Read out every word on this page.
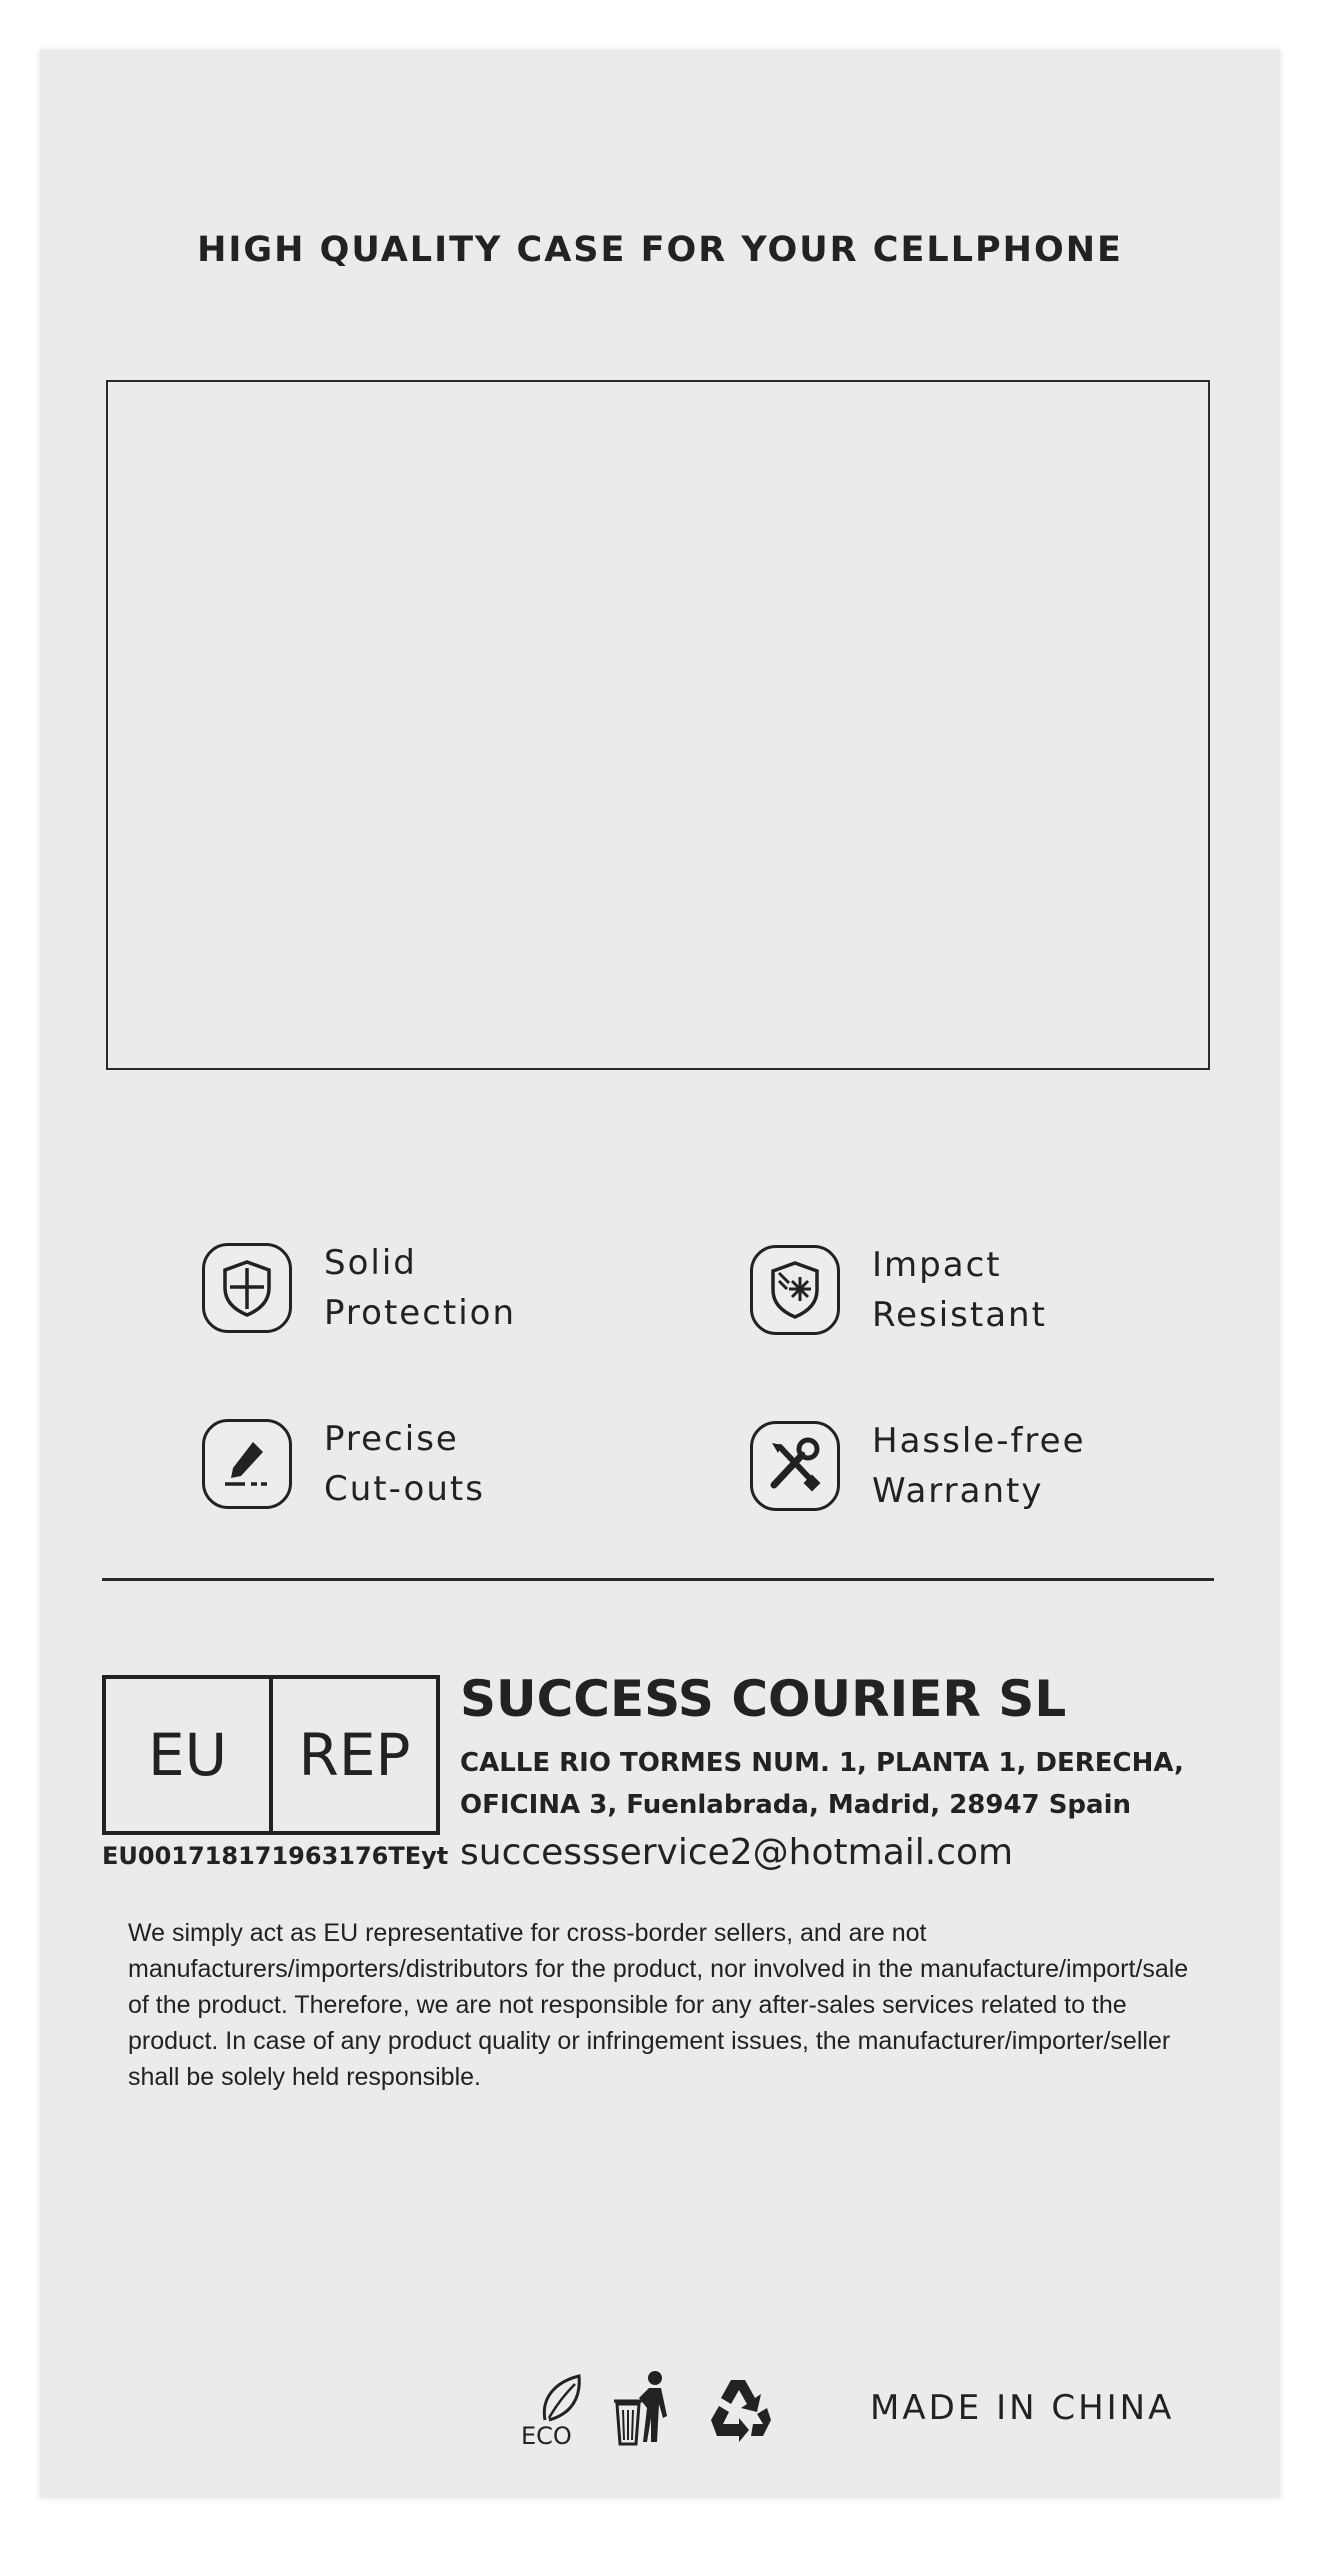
HIGH QUALITY CASE FOR YOUR CELLPHONE
Solid
Protection
Impact
Resistant
Precise
Cut-outs
Hassle-free
Warranty
EU	REP
EU001718171963176TEyt
SUCCESS COURIER SL
CALLE RIO TORMES NUM. 1, PLANTA 1, DERECHA,
OFICINA 3, Fuenlabrada, Madrid, 28947 Spain
successservice2@hotmail.com
We simply act as EU representative for cross-border sellers, and are not manufacturers/importers/distributors for the product, nor involved in the manufacture/import/sale of the product. Therefore, we are not responsible for any after-sales services related to the product. In case of any product quality or infringement issues, the manufacturer/importer/seller shall be solely held responsible.
ECO
MADE IN CHINA
